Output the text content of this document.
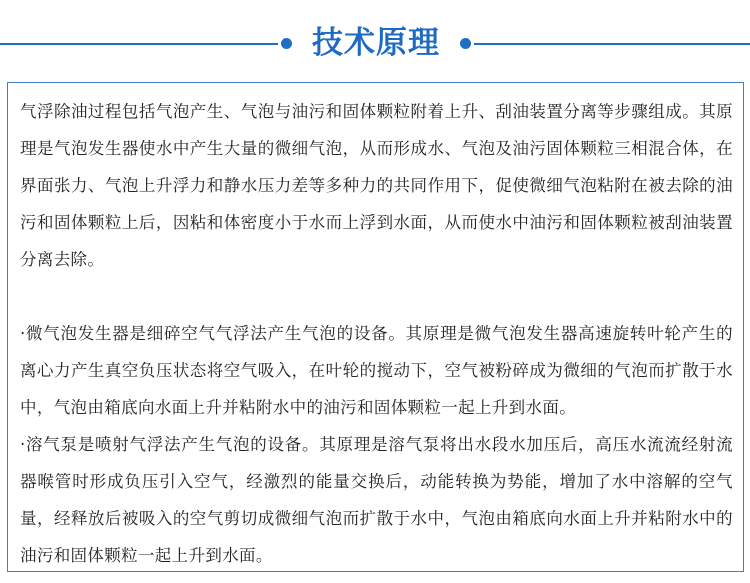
技术原理

气浮除油过程包括气泡产生、气泡与油污和固体颗粒附着上升、刮油装置分离等步骤组成。其原理是气泡发生器使水中产生大量的微细气泡，从而形成水、气泡及油污固体颗粒三相混合体，在界面张力、气泡上升浮力和静水压力差等多种力的共同作用下，促使微细气泡粘附在被去除的油污和固体颗粒上后，因粘和体密度小于水而上浮到水面，从而使水中油污和固体颗粒被刮油装置分离去除。

·微气泡发生器是细碎空气气浮法产生气泡的设备。其原理是微气泡发生器高速旋转叶轮产生的离心力产生真空负压状态将空气吸入，在叶轮的搅动下，空气被粉碎成为微细的气泡而扩散于水中，气泡由箱底向水面上升并粘附水中的油污和固体颗粒一起上升到水面。

·溶气泵是喷射气浮法产生气泡的设备。其原理是溶气泵将出水段水加压后，高压水流流经射流器喉管时形成负压引入空气，经激烈的能量交换后，动能转换为势能，增加了水中溶解的空气量，经释放后被吸入的空气剪切成微细气泡而扩散于水中，气泡由箱底向水面上升并粘附水中的油污和固体颗粒一起上升到水面。
